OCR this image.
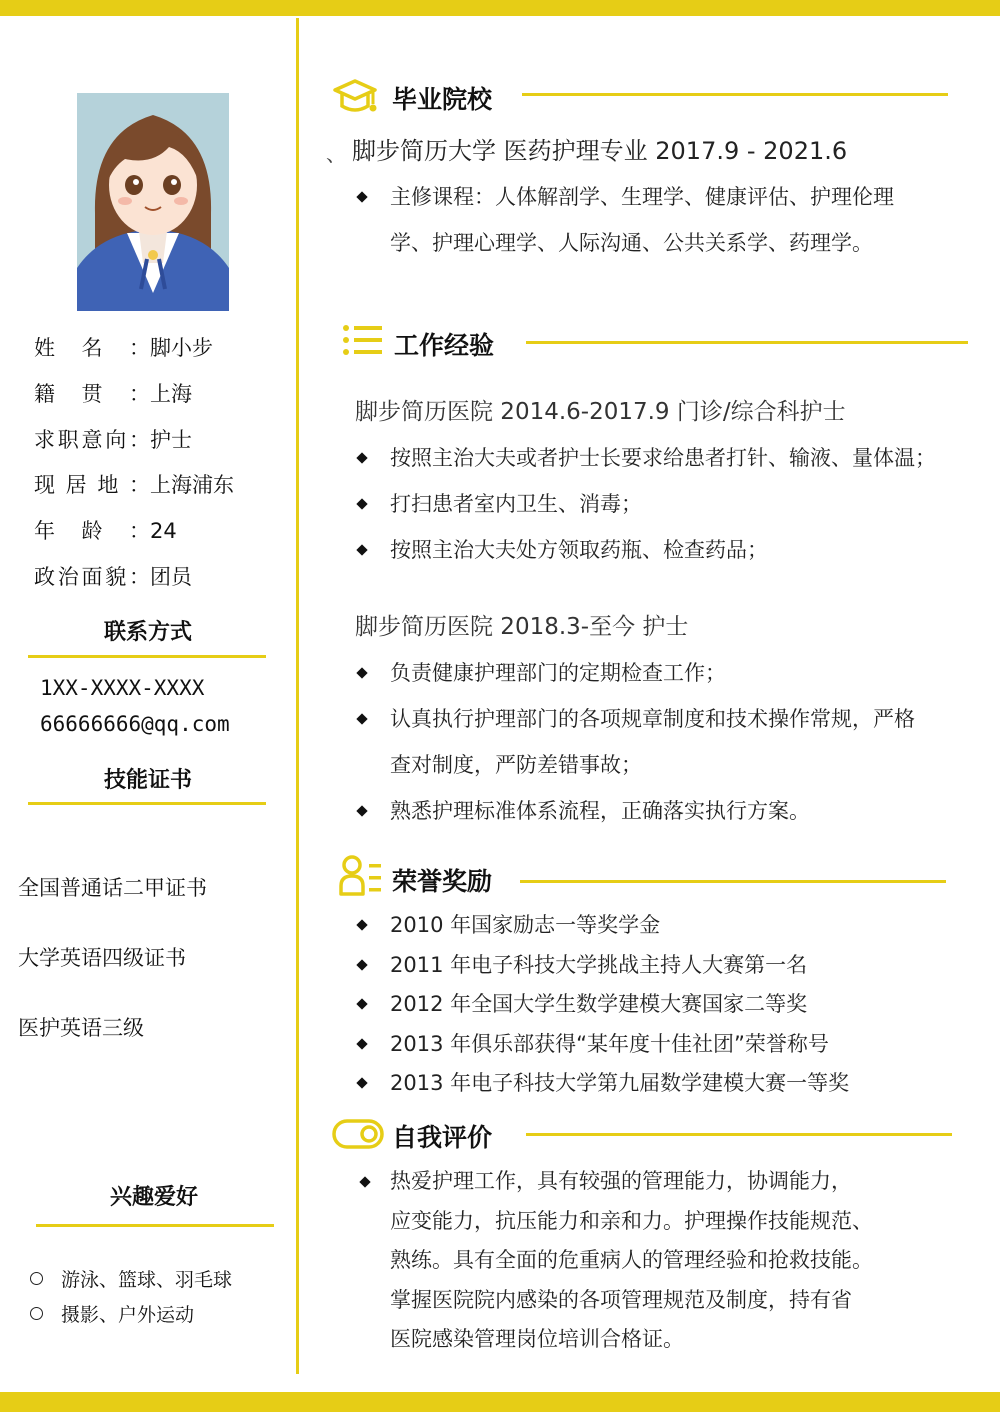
姓名：脚小步
籍贯：上海
求职意向：护士
现居地：上海浦东
年龄：24
政治面貌：团员
联系方式
1XX-XXXX-XXXX
66666666@qq.com
技能证书
全国普通话二甲证书
大学英语四级证书
医护英语三级
兴趣爱好
游泳、篮球、羽毛球
摄影、户外运动
毕业院校
、 脚步简历大学 医药护理专业 2017.9 - 2021.6
主修课程：人体解剖学、生理学、健康评估、护理伦理
学、护理心理学、人际沟通、公共关系学、药理学。
工作经验
脚步简历医院 2014.6-2017.9 门诊/综合科护士
按照主治大夫或者护士长要求给患者打针、输液、量体温；
打扫患者室内卫生、消毒；
按照主治大夫处方领取药瓶、检查药品；
脚步简历医院 2018.3-至今 护士
负责健康护理部门的定期检查工作；
认真执行护理部门的各项规章制度和技术操作常规，严格
查对制度，严防差错事故；
熟悉护理标准体系流程，正确落实执行方案。
荣誉奖励
2010 年国家励志一等奖学金
2011 年电子科技大学挑战主持人大赛第一名
2012 年全国大学生数学建模大赛国家二等奖
2013 年俱乐部获得“某年度十佳社团”荣誉称号
2013 年电子科技大学第九届数学建模大赛一等奖
自我评价
热爱护理工作，具有较强的管理能力，协调能力，
应变能力，抗压能力和亲和力。护理操作技能规范、
熟练。具有全面的危重病人的管理经验和抢救技能。
掌握医院院内感染的各项管理规范及制度，持有省
医院感染管理岗位培训合格证。
